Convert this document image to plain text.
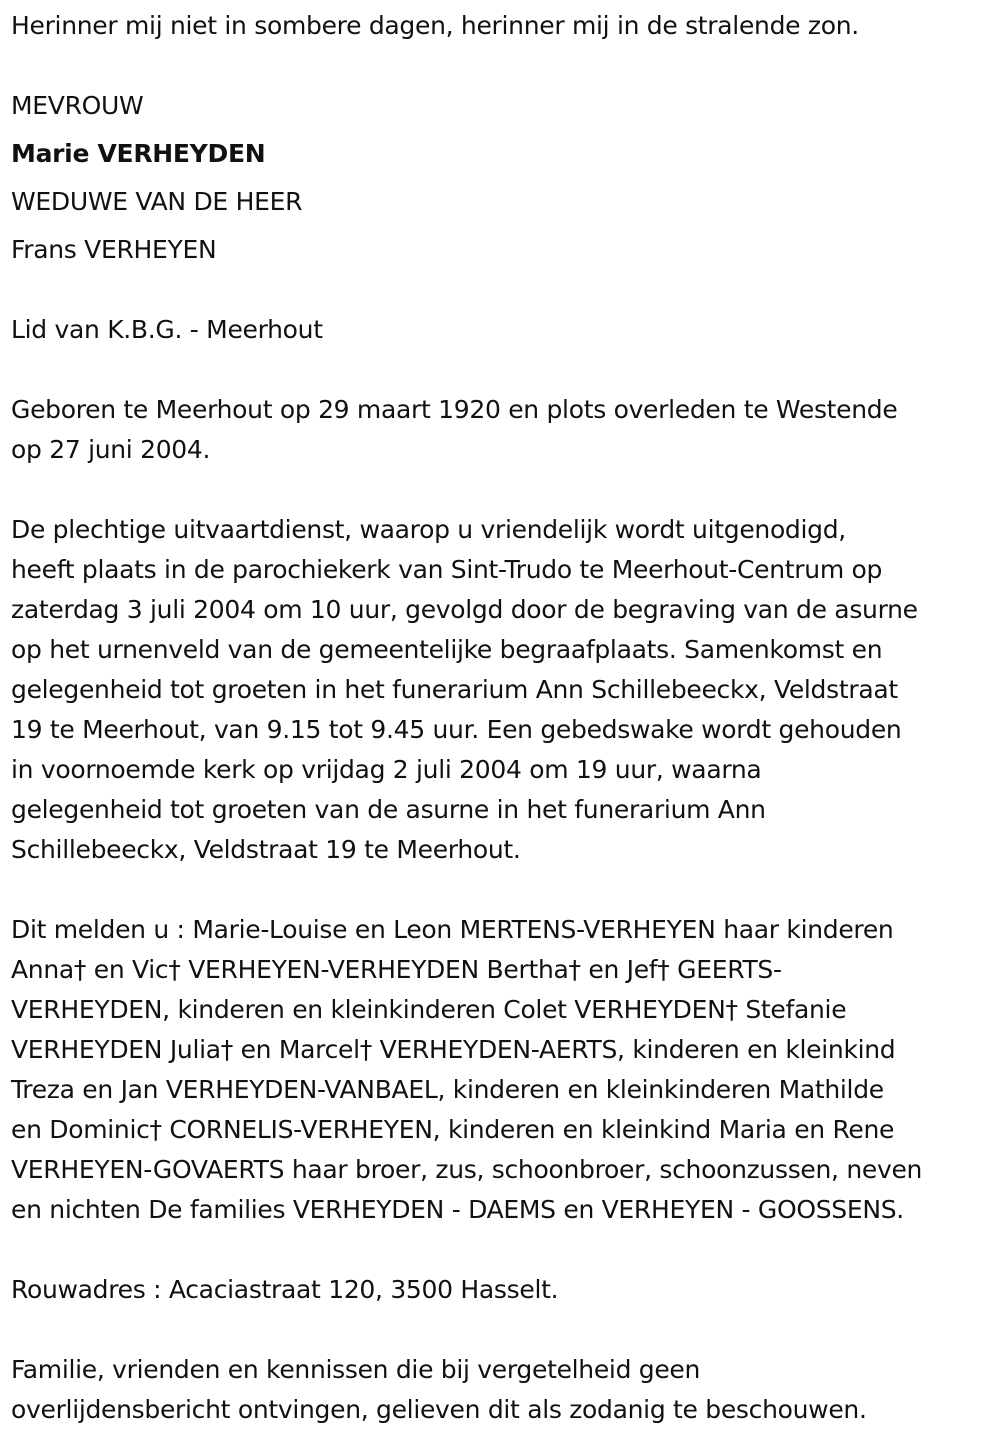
Herinner mij niet in sombere dagen, herinner mij in de stralende zon.
MEVROUW
Marie VERHEYDEN
WEDUWE VAN DE HEER
Frans VERHEYEN
Lid van K.B.G. - Meerhout
Geboren te Meerhout op 29 maart 1920 en plots overleden te Westende
op 27 juni 2004.
De plechtige uitvaartdienst, waarop u vriendelijk wordt uitgenodigd,
heeft plaats in de parochiekerk van Sint-Trudo te Meerhout-Centrum op
zaterdag 3 juli 2004 om 10 uur, gevolgd door de begraving van de asurne
op het urnenveld van de gemeentelijke begraafplaats. Samenkomst en
gelegenheid tot groeten in het funerarium Ann Schillebeeckx, Veldstraat
19 te Meerhout, van 9.15 tot 9.45 uur. Een gebedswake wordt gehouden
in voornoemde kerk op vrijdag 2 juli 2004 om 19 uur, waarna
gelegenheid tot groeten van de asurne in het funerarium Ann
Schillebeeckx, Veldstraat 19 te Meerhout.
Dit melden u : Marie-Louise en Leon MERTENS-VERHEYEN haar kinderen
Anna† en Vic† VERHEYEN-VERHEYDEN Bertha† en Jef† GEERTS-
VERHEYDEN, kinderen en kleinkinderen Colet VERHEYDEN† Stefanie
VERHEYDEN Julia† en Marcel† VERHEYDEN-AERTS, kinderen en kleinkind
Treza en Jan VERHEYDEN-VANBAEL, kinderen en kleinkinderen Mathilde
en Dominic† CORNELIS-VERHEYEN, kinderen en kleinkind Maria en Rene
VERHEYEN-GOVAERTS haar broer, zus, schoonbroer, schoonzussen, neven
en nichten De families VERHEYDEN - DAEMS en VERHEYEN - GOOSSENS.
Rouwadres : Acaciastraat 120, 3500 Hasselt.
Familie, vrienden en kennissen die bij vergetelheid geen
overlijdensbericht ontvingen, gelieven dit als zodanig te beschouwen.
